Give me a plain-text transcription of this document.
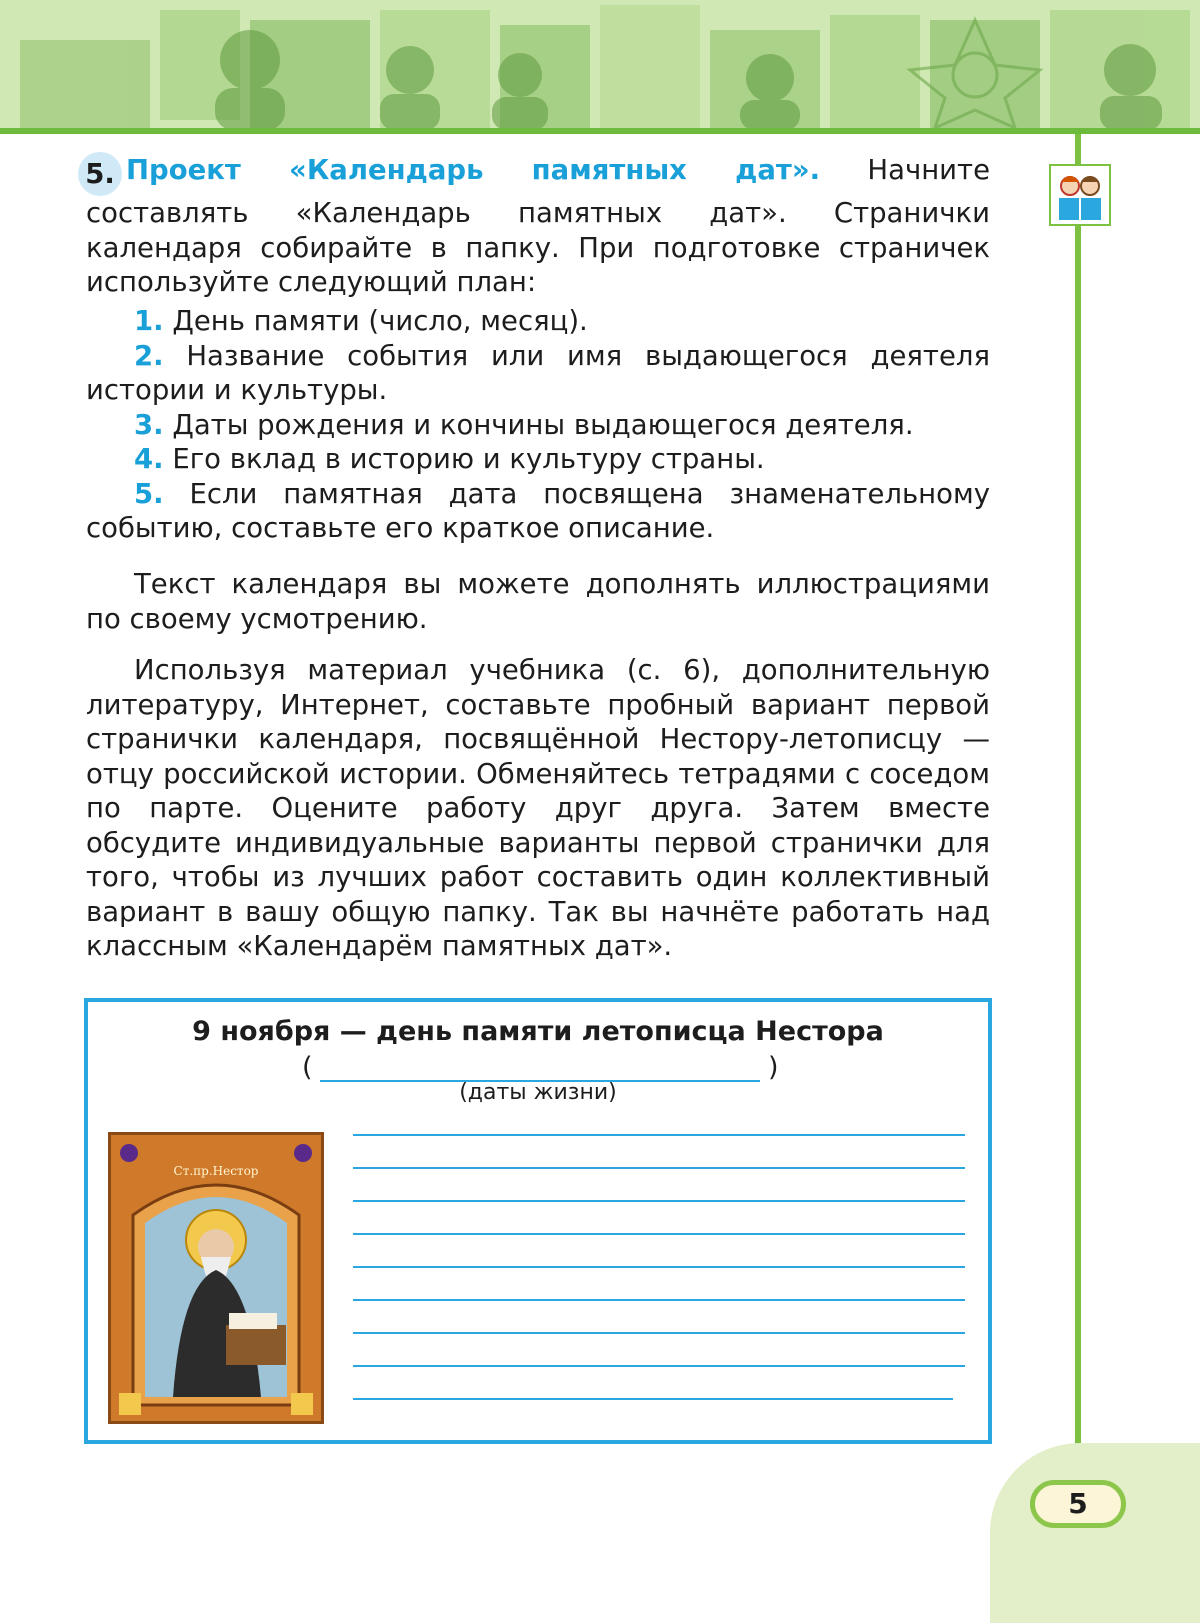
5

5. Проект «Календарь памятных дат». Начните составлять «Календарь памятных дат». Странички календаря собирайте в папку. При подготовке страничек используйте следующий план:

1. День памяти (число, месяц).

2. Название события или имя выдающегося деятеля истории и культуры.

3. Даты рождения и кончины выдающегося деятеля.

4. Его вклад в историю и культуру страны.

5. Если памятная дата посвящена знаменательному событию, составьте его краткое описание.

Текст календаря вы можете дополнять иллюстрациями по своему усмотрению.
Используя материал учебника (с. 6), дополнительную литературу, Интернет, составьте пробный вариант первой странички календаря, посвящённой Нестору-летописцу — отцу российской истории. Обменяйтесь тетрадями с соседом по парте. Оцените работу друг друга. Затем вместе обсудите индивидуальные варианты первой странички для того, чтобы из лучших работ составить один коллективный вариант в вашу общую папку. Так вы начнёте работать над классным «Календарём памятных дат».
9 ноября — день памяти летописца Нестора
(	)
(даты жизни)
Ст.пр.Нестор
